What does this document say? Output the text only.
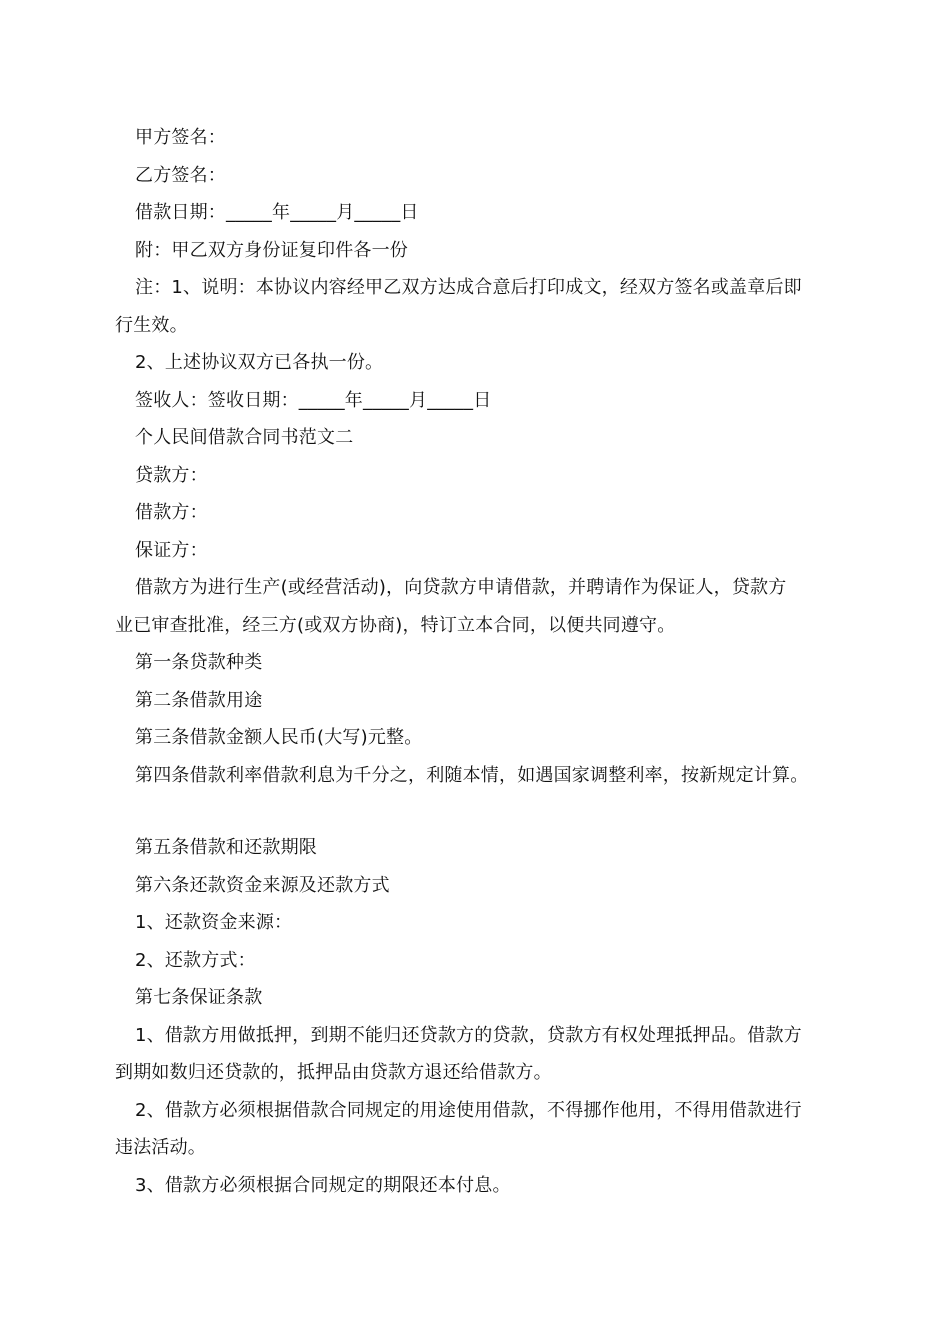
甲方签名：
乙方签名：
借款日期：_____年_____月_____日
附：甲乙双方身份证复印件各一份
注：1、说明：本协议内容经甲乙双方达成合意后打印成文，经双方签名或盖章后即
行生效。
2、上述协议双方已各执一份。
签收人：签收日期：_____年_____月_____日
个人民间借款合同书范文二
贷款方：
借款方：
保证方：
借款方为进行生产(或经营活动)，向贷款方申请借款，并聘请作为保证人，贷款方
业已审查批准，经三方(或双方协商)，特订立本合同，以便共同遵守。
第一条贷款种类
第二条借款用途
第三条借款金额人民币(大写)元整。
第四条借款利率借款利息为千分之，利随本情，如遇国家调整利率，按新规定计算。
第五条借款和还款期限
第六条还款资金来源及还款方式
1、还款资金来源：
2、还款方式：
第七条保证条款
1、借款方用做抵押，到期不能归还贷款方的贷款，贷款方有权处理抵押品。借款方
到期如数归还贷款的，抵押品由贷款方退还给借款方。
2、借款方必须根据借款合同规定的用途使用借款，不得挪作他用，不得用借款进行
违法活动。
3、借款方必须根据合同规定的期限还本付息。
